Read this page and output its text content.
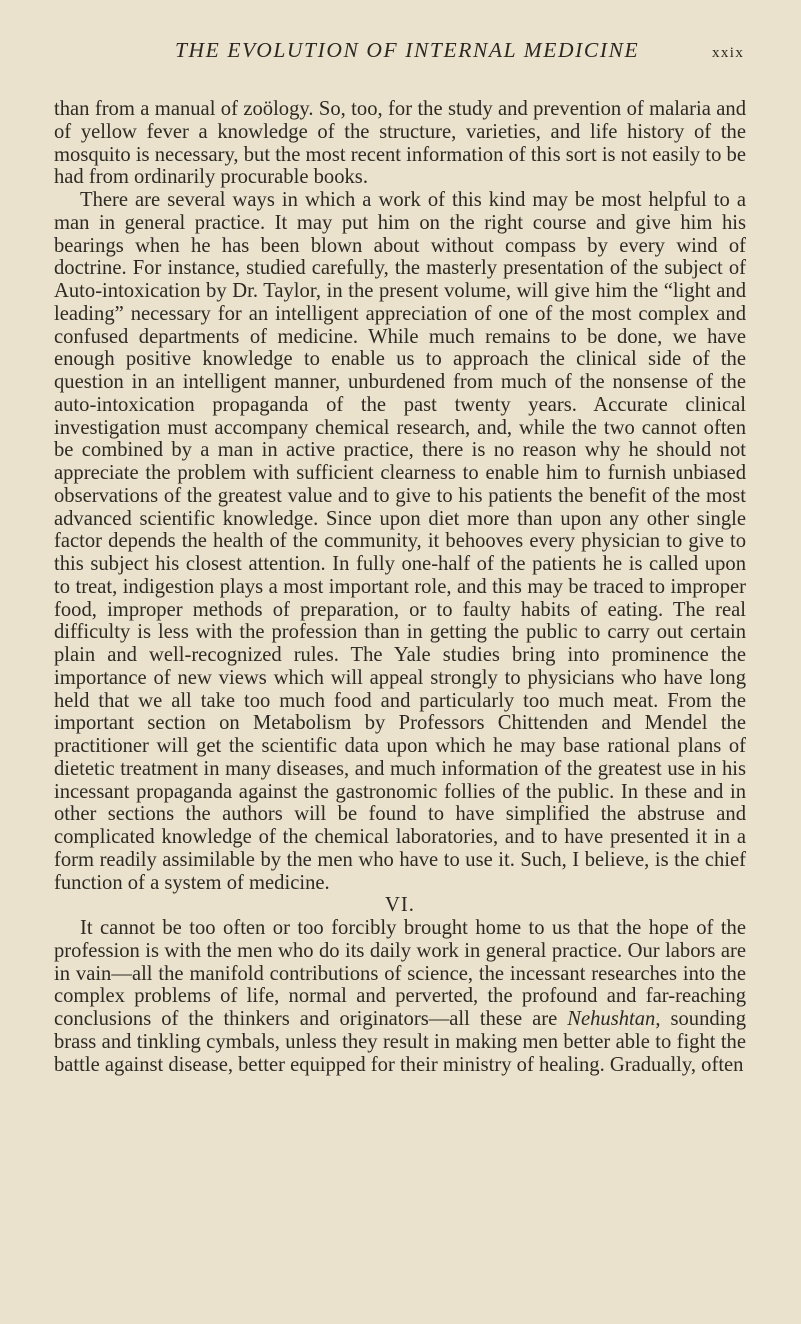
THE EVOLUTION OF INTERNAL MEDICINE	xxix

than from a manual of zoölogy. So, too, for the study and prevention of malaria and of yellow fever a knowledge of the structure, varieties, and life history of the mosquito is necessary, but the most recent information of this sort is not easily to be had from ordinarily procurable books.

There are several ways in which a work of this kind may be most helpful to a man in general practice. It may put him on the right course and give him his bearings when he has been blown about without compass by every wind of doctrine. For instance, studied carefully, the masterly presentation of the subject of Auto-intoxication by Dr. Taylor, in the present volume, will give him the “light and leading” necessary for an intelligent appreciation of one of the most complex and confused departments of medicine. While much remains to be done, we have enough positive knowledge to enable us to approach the clinical side of the question in an intelligent manner, unburdened from much of the nonsense of the auto-intoxication propaganda of the past twenty years. Accurate clinical investigation must accompany chemical research, and, while the two cannot often be combined by a man in active practice, there is no reason why he should not appreciate the problem with sufficient clearness to enable him to furnish unbiased observations of the greatest value and to give to his patients the benefit of the most advanced scientific knowledge. Since upon diet more than upon any other single factor depends the health of the community, it behooves every physician to give to this subject his closest attention. In fully one-half of the patients he is called upon to treat, indigestion plays a most important role, and this may be traced to improper food, improper methods of preparation, or to faulty habits of eating. The real difficulty is less with the profession than in getting the public to carry out certain plain and well-recognized rules. The Yale studies bring into prominence the importance of new views which will appeal strongly to physicians who have long held that we all take too much food and particularly too much meat. From the important section on Metabolism by Professors Chittenden and Mendel the practitioner will get the scientific data upon which he may base rational plans of dietetic treatment in many diseases, and much information of the greatest use in his incessant propaganda against the gastronomic follies of the public. In these and in other sections the authors will be found to have simplified the abstruse and complicated knowledge of the chemical laboratories, and to have presented it in a form readily assimilable by the men who have to use it. Such, I believe, is the chief function of a system of medicine.

VI.

It cannot be too often or too forcibly brought home to us that the hope of the profession is with the men who do its daily work in general practice. Our labors are in vain—all the manifold contributions of science, the incessant researches into the complex problems of life, normal and perverted, the profound and far-reaching conclusions of the thinkers and originators—all these are Nehushtan, sounding brass and tinkling cymbals, unless they result in making men better able to fight the battle against disease, better equipped for their ministry of healing. Gradually, often
